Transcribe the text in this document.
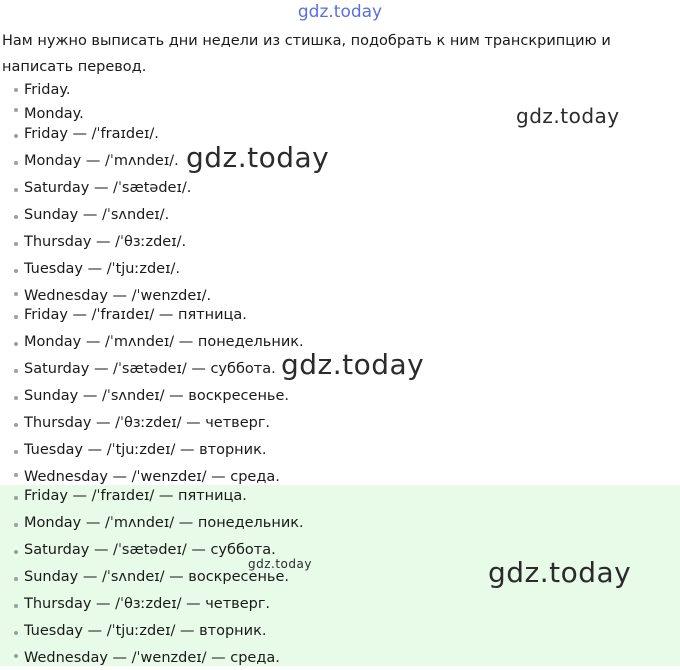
gdz.today

Нам нужно выписать дни недели из стишка, подобрать к ним транскрипцию и написать перевод.

Friday.
Monday.
Friday — /ˈfraɪdeɪ/.
Monday — /ˈmʌndeɪ/.
Saturday — /ˈsætədeɪ/.
Sunday — /ˈsʌndeɪ/.
Thursday — /ˈθɜːzdeɪ/.
Tuesday — /ˈtjuːzdeɪ/.
Wednesday — /ˈwenzdeɪ/.
Friday — /ˈfraɪdeɪ/ — пятница.
Monday — /ˈmʌndeɪ/ — понедельник.
Saturday — /ˈsætədeɪ/ — суббота.
Sunday — /ˈsʌndeɪ/ — воскресенье.
Thursday — /ˈθɜːzdeɪ/ — четверг.
Tuesday — /ˈtjuːzdeɪ/ — вторник.
Wednesday — /ˈwenzdeɪ/ — среда.
Friday — /ˈfraɪdeɪ/ — пятница.
Monday — /ˈmʌndeɪ/ — понедельник.
Saturday — /ˈsætədeɪ/ — суббота.
Sunday — /ˈsʌndeɪ/ — воскресенье.
Thursday — /ˈθɜːzdeɪ/ — четверг.
Tuesday — /ˈtjuːzdeɪ/ — вторник.
Wednesday — /ˈwenzdeɪ/ — среда.
gdz.today
gdz.today
gdz.today
gdz.today	gdz.today
